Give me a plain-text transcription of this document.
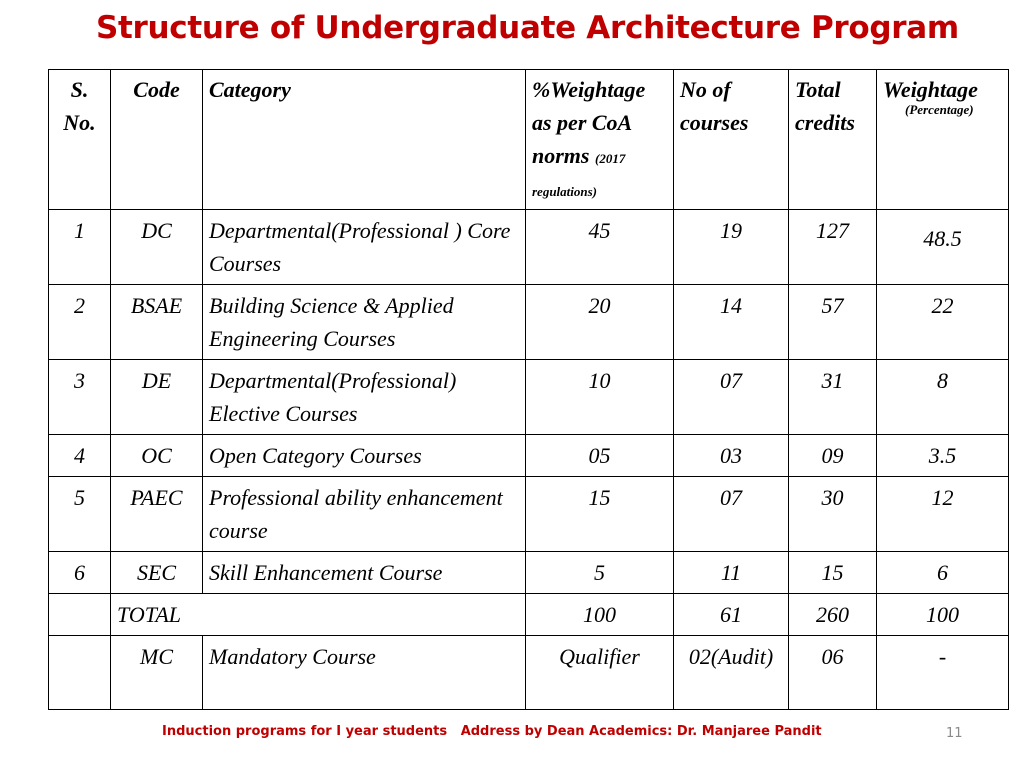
Structure of Undergraduate Architecture Program
S. No.	Code	Category	%Weightage as per CoA norms (2017 regulations)	No of courses	Total credits	Weightage
(Percentage)

1	DC	Departmental(Professional ) Core Courses	45	19	127	48.5
2	BSAE	Building Science & Applied Engineering Courses	20	14	57	22
3	DE	Departmental(Professional) Elective Courses	10	07	31	8
4	OC	Open Category Courses	05	03	09	3.5
5	PAEC	Professional ability enhancement course	15	07	30	12
6	SEC	Skill Enhancement Course	5	11	15	6
	TOTAL		100	61	260	100
	MC	Mandatory Course	Qualifier	02(Audit)	06	-
Induction programs for I year students   Address by Dean Academics: Dr. Manjaree Pandit	11
